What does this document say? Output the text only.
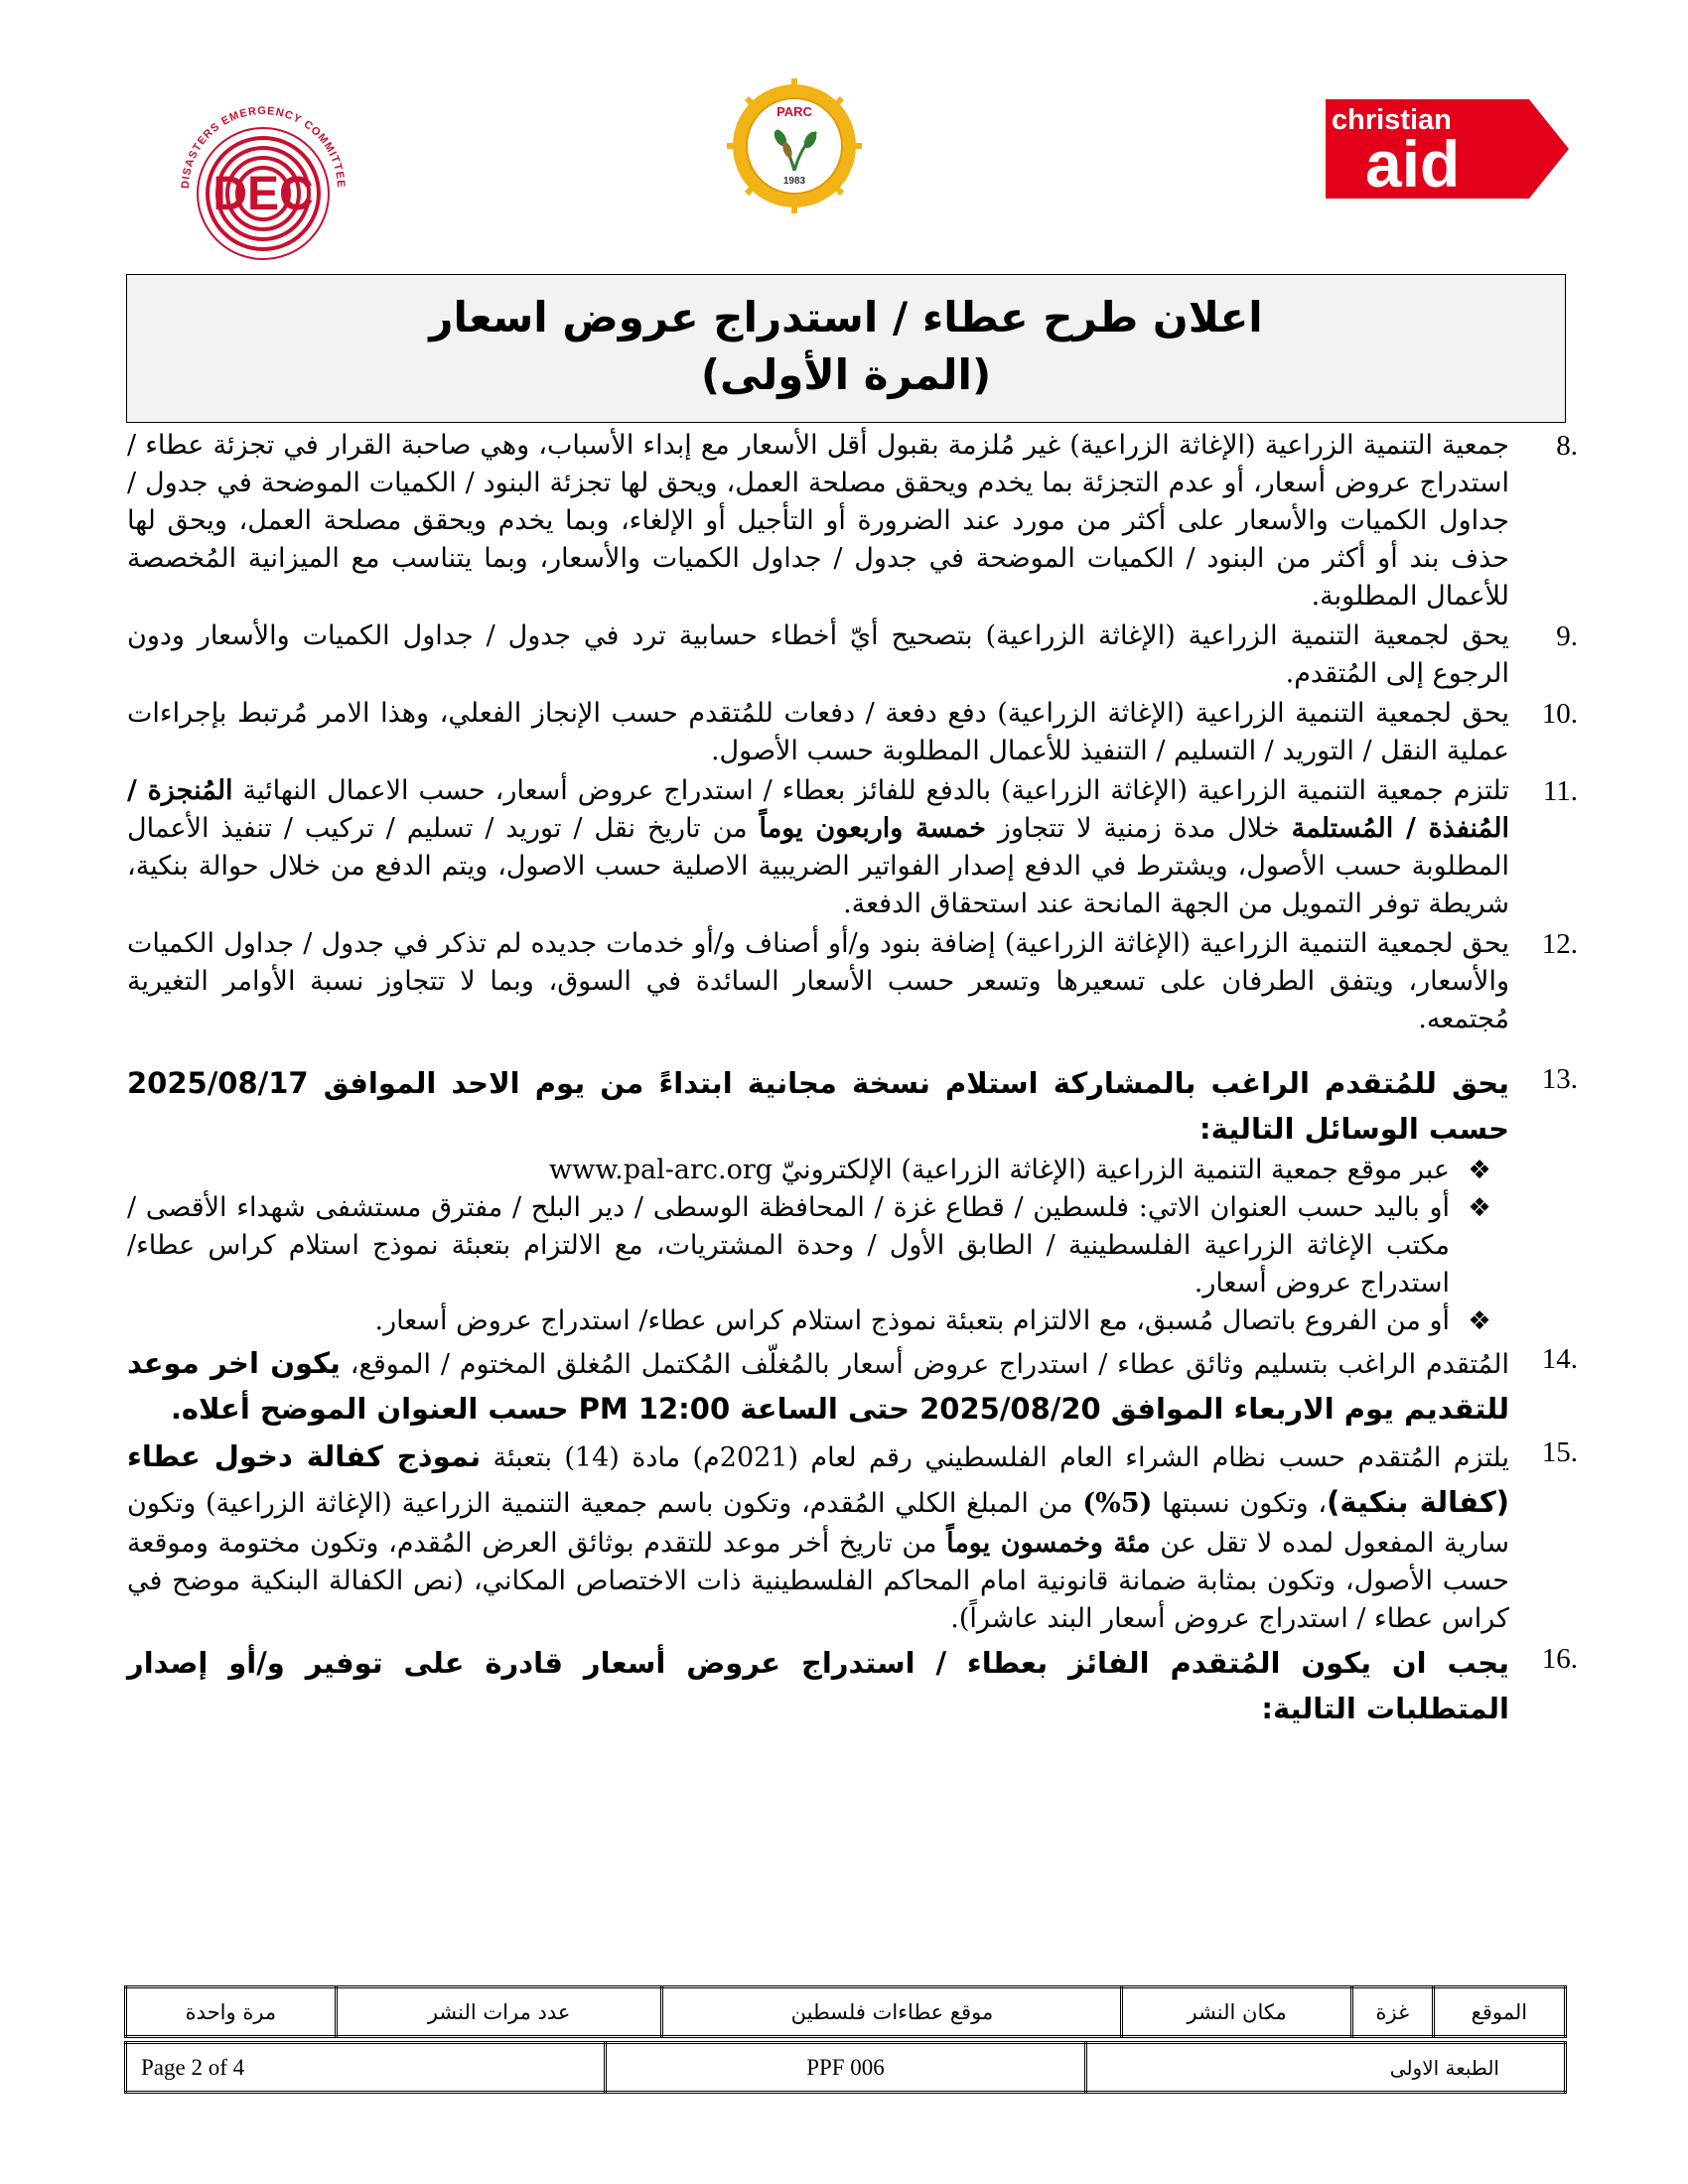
DEC
DISASTERS EMERGENCY COMMITTEE
PARC
1983
christian
aid
اعلان طرح عطاء / استدراج عروض اسعار
(المرة الأولى)
.8
جمعية التنمية الزراعية (الإغاثة الزراعية) غير مُلزمة بقبول أقل الأسعار مع إبداء الأسباب، وهي صاحبة القرار في تجزئة عطاء / استدراج عروض أسعار، أو عدم التجزئة بما يخدم ويحقق مصلحة العمل، ويحق لها تجزئة البنود / الكميات الموضحة في جدول / جداول الكميات والأسعار على أكثر من مورد عند الضرورة أو التأجيل أو الإلغاء، وبما يخدم ويحقق مصلحة العمل، ويحق لها حذف بند أو أكثر من البنود / الكميات الموضحة في جدول / جداول الكميات والأسعار، وبما يتناسب مع الميزانية المُخصصة للأعمال المطلوبة.
.9
يحق لجمعية التنمية الزراعية (الإغاثة الزراعية) بتصحيح أيّ أخطاء حسابية ترد في جدول / جداول الكميات والأسعار ودون الرجوع إلى المُتقدم.
.10
يحق لجمعية التنمية الزراعية (الإغاثة الزراعية) دفع دفعة / دفعات للمُتقدم حسب الإنجاز الفعلي، وهذا الامر مُرتبط بإجراءات عملية النقل / التوريد / التسليم / التنفيذ للأعمال المطلوبة حسب الأصول.
.11
تلتزم جمعية التنمية الزراعية (الإغاثة الزراعية) بالدفع للفائز بعطاء / استدراج عروض أسعار، حسب الاعمال النهائية المُنجزة / المُنفذة / المُستلمة خلال مدة زمنية لا تتجاوز خمسة واربعون يوماً من تاريخ نقل / توريد / تسليم / تركيب / تنفيذ الأعمال المطلوبة حسب الأصول، ويشترط في الدفع إصدار الفواتير الضريبية الاصلية حسب الاصول، ويتم الدفع من خلال حوالة بنكية، شريطة توفر التمويل من الجهة المانحة عند استحقاق الدفعة.
.12
يحق لجمعية التنمية الزراعية (الإغاثة الزراعية) إضافة بنود و/أو أصناف و/أو خدمات جديده لم تذكر في جدول / جداول الكميات والأسعار، ويتفق الطرفان على تسعيرها وتسعر حسب الأسعار السائدة في السوق، وبما لا تتجاوز نسبة الأوامر التغيرية مُجتمعه.
.13
يحق للمُتقدم الراغب بالمشاركة استلام نسخة مجانية ابتداءً من يوم الاحد الموافق 2025/08/17 حسب الوسائل التالية:
❖
عبر موقع جمعية التنمية الزراعية (الإغاثة الزراعية) الإلكترونيّ www.pal-arc.org
❖
أو باليد حسب العنوان الاتي: فلسطين / قطاع غزة / المحافظة الوسطى / دير البلح / مفترق مستشفى شهداء الأقصى / مكتب الإغاثة الزراعية الفلسطينية / الطابق الأول / وحدة المشتريات، مع الالتزام بتعبئة نموذج استلام كراس عطاء/ استدراج عروض أسعار.
❖
أو من الفروع باتصال مُسبق، مع الالتزام بتعبئة نموذج استلام كراس عطاء/ استدراج عروض أسعار.
.14
المُتقدم الراغب بتسليم وثائق عطاء / استدراج عروض أسعار بالمُغلّف المُكتمل المُغلق المختوم / الموقع، يكون اخر موعد للتقديم يوم الاربعاء الموافق 2025/08/20 حتى الساعة 12:00 PM حسب العنوان الموضح أعلاه.
.15
يلتزم المُتقدم حسب نظام الشراء العام الفلسطيني رقم لعام (2021م) مادة (14) بتعبئة نموذج كفالة دخول عطاء (كفالة بنكية)، وتكون نسبتها (5%) من المبلغ الكلي المُقدم، وتكون باسم جمعية التنمية الزراعية (الإغاثة الزراعية) وتكون سارية المفعول لمده لا تقل عن مئة وخمسون يوماً من تاريخ أخر موعد للتقدم بوثائق العرض المُقدم، وتكون مختومة وموقعة حسب الأصول، وتكون بمثابة ضمانة قانونية امام المحاكم الفلسطينية ذات الاختصاص المكاني، (نص الكفالة البنكية موضح في كراس عطاء / استدراج عروض أسعار البند عاشراً).
.16
يجب ان يكون المُتقدم الفائز بعطاء / استدراج عروض أسعار قادرة على توفير و/أو إصدار المتطلبات التالية:
الموقع	غزة	مكان النشر	موقع عطاءات فلسطين	عدد مرات النشر	مرة واحدة
الطبعة الاولى	PPF 006	Page 2 of 4
